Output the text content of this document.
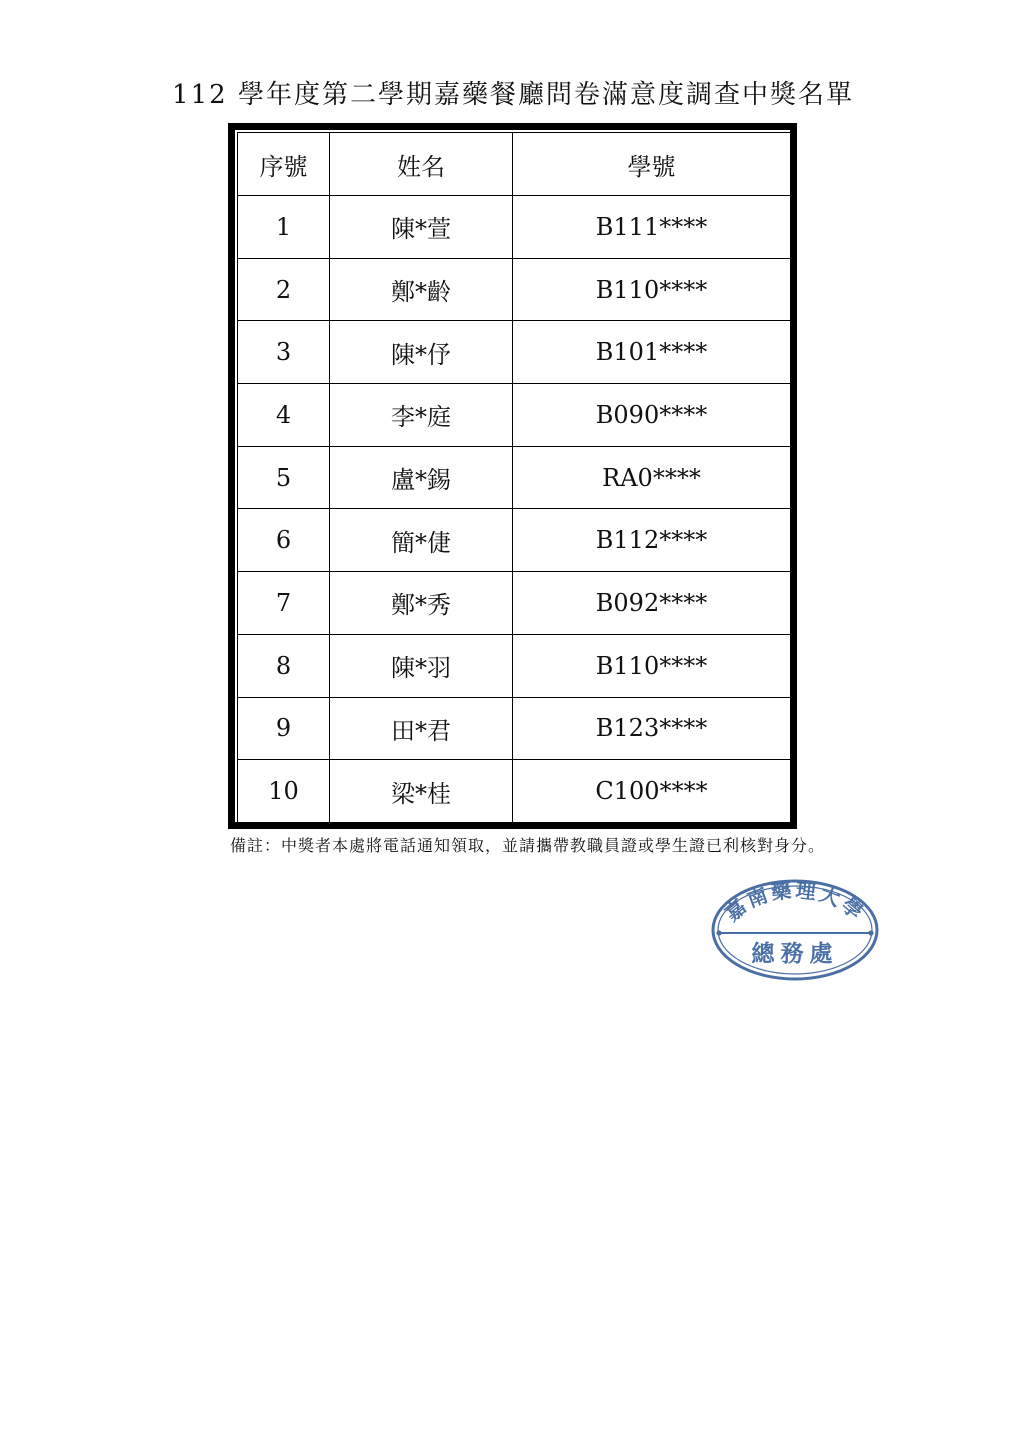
112 學年度第二學期嘉藥餐廳問卷滿意度調查中獎名單
序號	姓名	學號
1	陳*萱	B111****
2	鄭*齡	B110****
3	陳*伃	B101****
4	李*庭	B090****
5	盧*錫	RA0****
6	簡*倢	B112****
7	鄭*秀	B092****
8	陳*羽	B110****
9	田*君	B123****
10	梁*桂	C100****
備註：中獎者本處將電話通知領取，並請攜帶教職員證或學生證已利核對身分。
嘉南藥理大學
總務處
